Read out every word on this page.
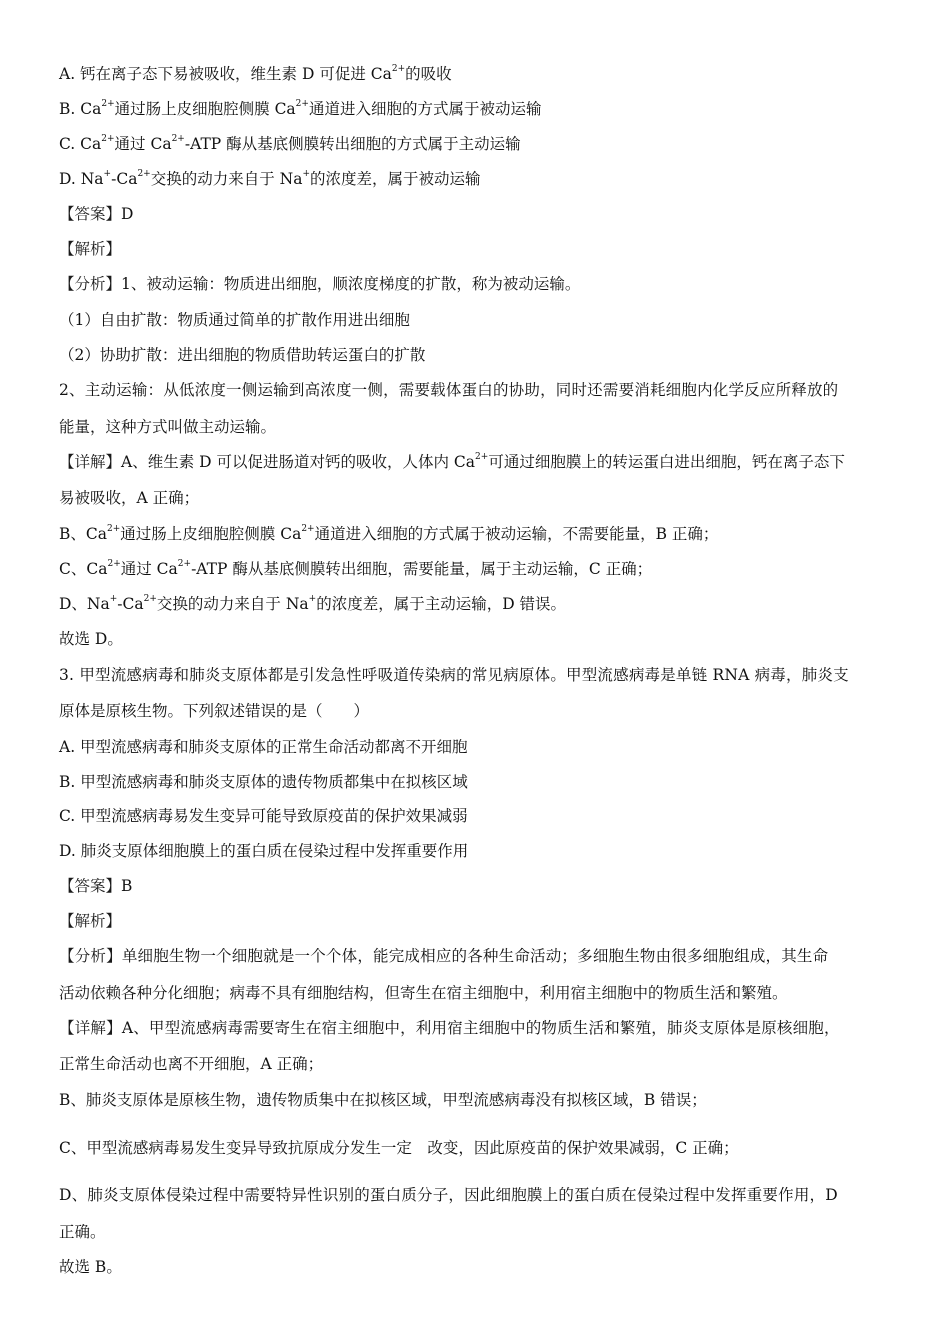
A. 钙在离子态下易被吸收，维生素 D 可促进 $Ca^{2+}$的吸收
B. $Ca^{2+}$通过肠上皮细胞腔侧膜 $Ca^{2+}$通道进入细胞的方式属于被动运输
C. $Ca^{2+}$通过 $Ca^{2+}$-ATP 酶从基底侧膜转出细胞的方式属于主动运输
D. $Na^+-Ca^{2+}$交换的动力来自于 Na+的浓度差，属于被动运输
【答案】D
【解析】
【分析】1、被动运输：物质进出细胞，顺浓度梯度的扩散，称为被动运输。
（1）自由扩散：物质通过简单的扩散作用进出细胞
（2）协助扩散：进出细胞的物质借助转运蛋白的扩散
2、主动运输：从低浓度一侧运输到高浓度一侧，需要载体蛋白的协助，同时还需要消耗细胞内化学反应所释放的
能量，这种方式叫做主动运输。
【详解】A、维生素 D 可以促进肠道对钙的吸收，人体内 $Ca^{2+}$可通过细胞膜上的转运蛋白进出细胞，钙在离子态下
易被吸收，A 正确；
B、$Ca^{2+}$通过肠上皮细胞腔侧膜 $Ca^{2+}$通道进入细胞的方式属于被动运输，不需要能量，B 正确；
C、$Ca^{2+}$通过 $Ca^{2+}$-ATP 酶从基底侧膜转出细胞，需要能量，属于主动运输，C 正确；
D、$Na^+-Ca^{2+}$交换的动力来自于 Na+的浓度差，属于主动运输，D 错误。
故选 D。
3. 甲型流感病毒和肺炎支原体都是引发急性呼吸道传染病的常见病原体。甲型流感病毒是单链 RNA 病毒，肺炎支
原体是原核生物。下列叙述错误的是（　　）
A. 甲型流感病毒和肺炎支原体的正常生命活动都离不开细胞
B. 甲型流感病毒和肺炎支原体的遗传物质都集中在拟核区域
C. 甲型流感病毒易发生变异可能导致原疫苗的保护效果减弱
D. 肺炎支原体细胞膜上的蛋白质在侵染过程中发挥重要作用
【答案】B
【解析】
【分析】单细胞生物一个细胞就是一个个体，能完成相应的各种生命活动；多细胞生物由很多细胞组成，其生命
活动依赖各种分化细胞；病毒不具有细胞结构，但寄生在宿主细胞中，利用宿主细胞中的物质生活和繁殖。
【详解】A、甲型流感病毒需要寄生在宿主细胞中，利用宿主细胞中的物质生活和繁殖，肺炎支原体是原核细胞，
正常生命活动也离不开细胞，A 正确；
B、肺炎支原体是原核生物，遗传物质集中在拟核区域，甲型流感病毒没有拟核区域，B 错误；
C、甲型流感病毒易发生变异导致抗原成分发生一定　改变，因此原疫苗的保护效果减弱，C 正确；
D、肺炎支原体侵染过程中需要特异性识别的蛋白质分子，因此细胞膜上的蛋白质在侵染过程中发挥重要作用，D
正确。
故选 B。
